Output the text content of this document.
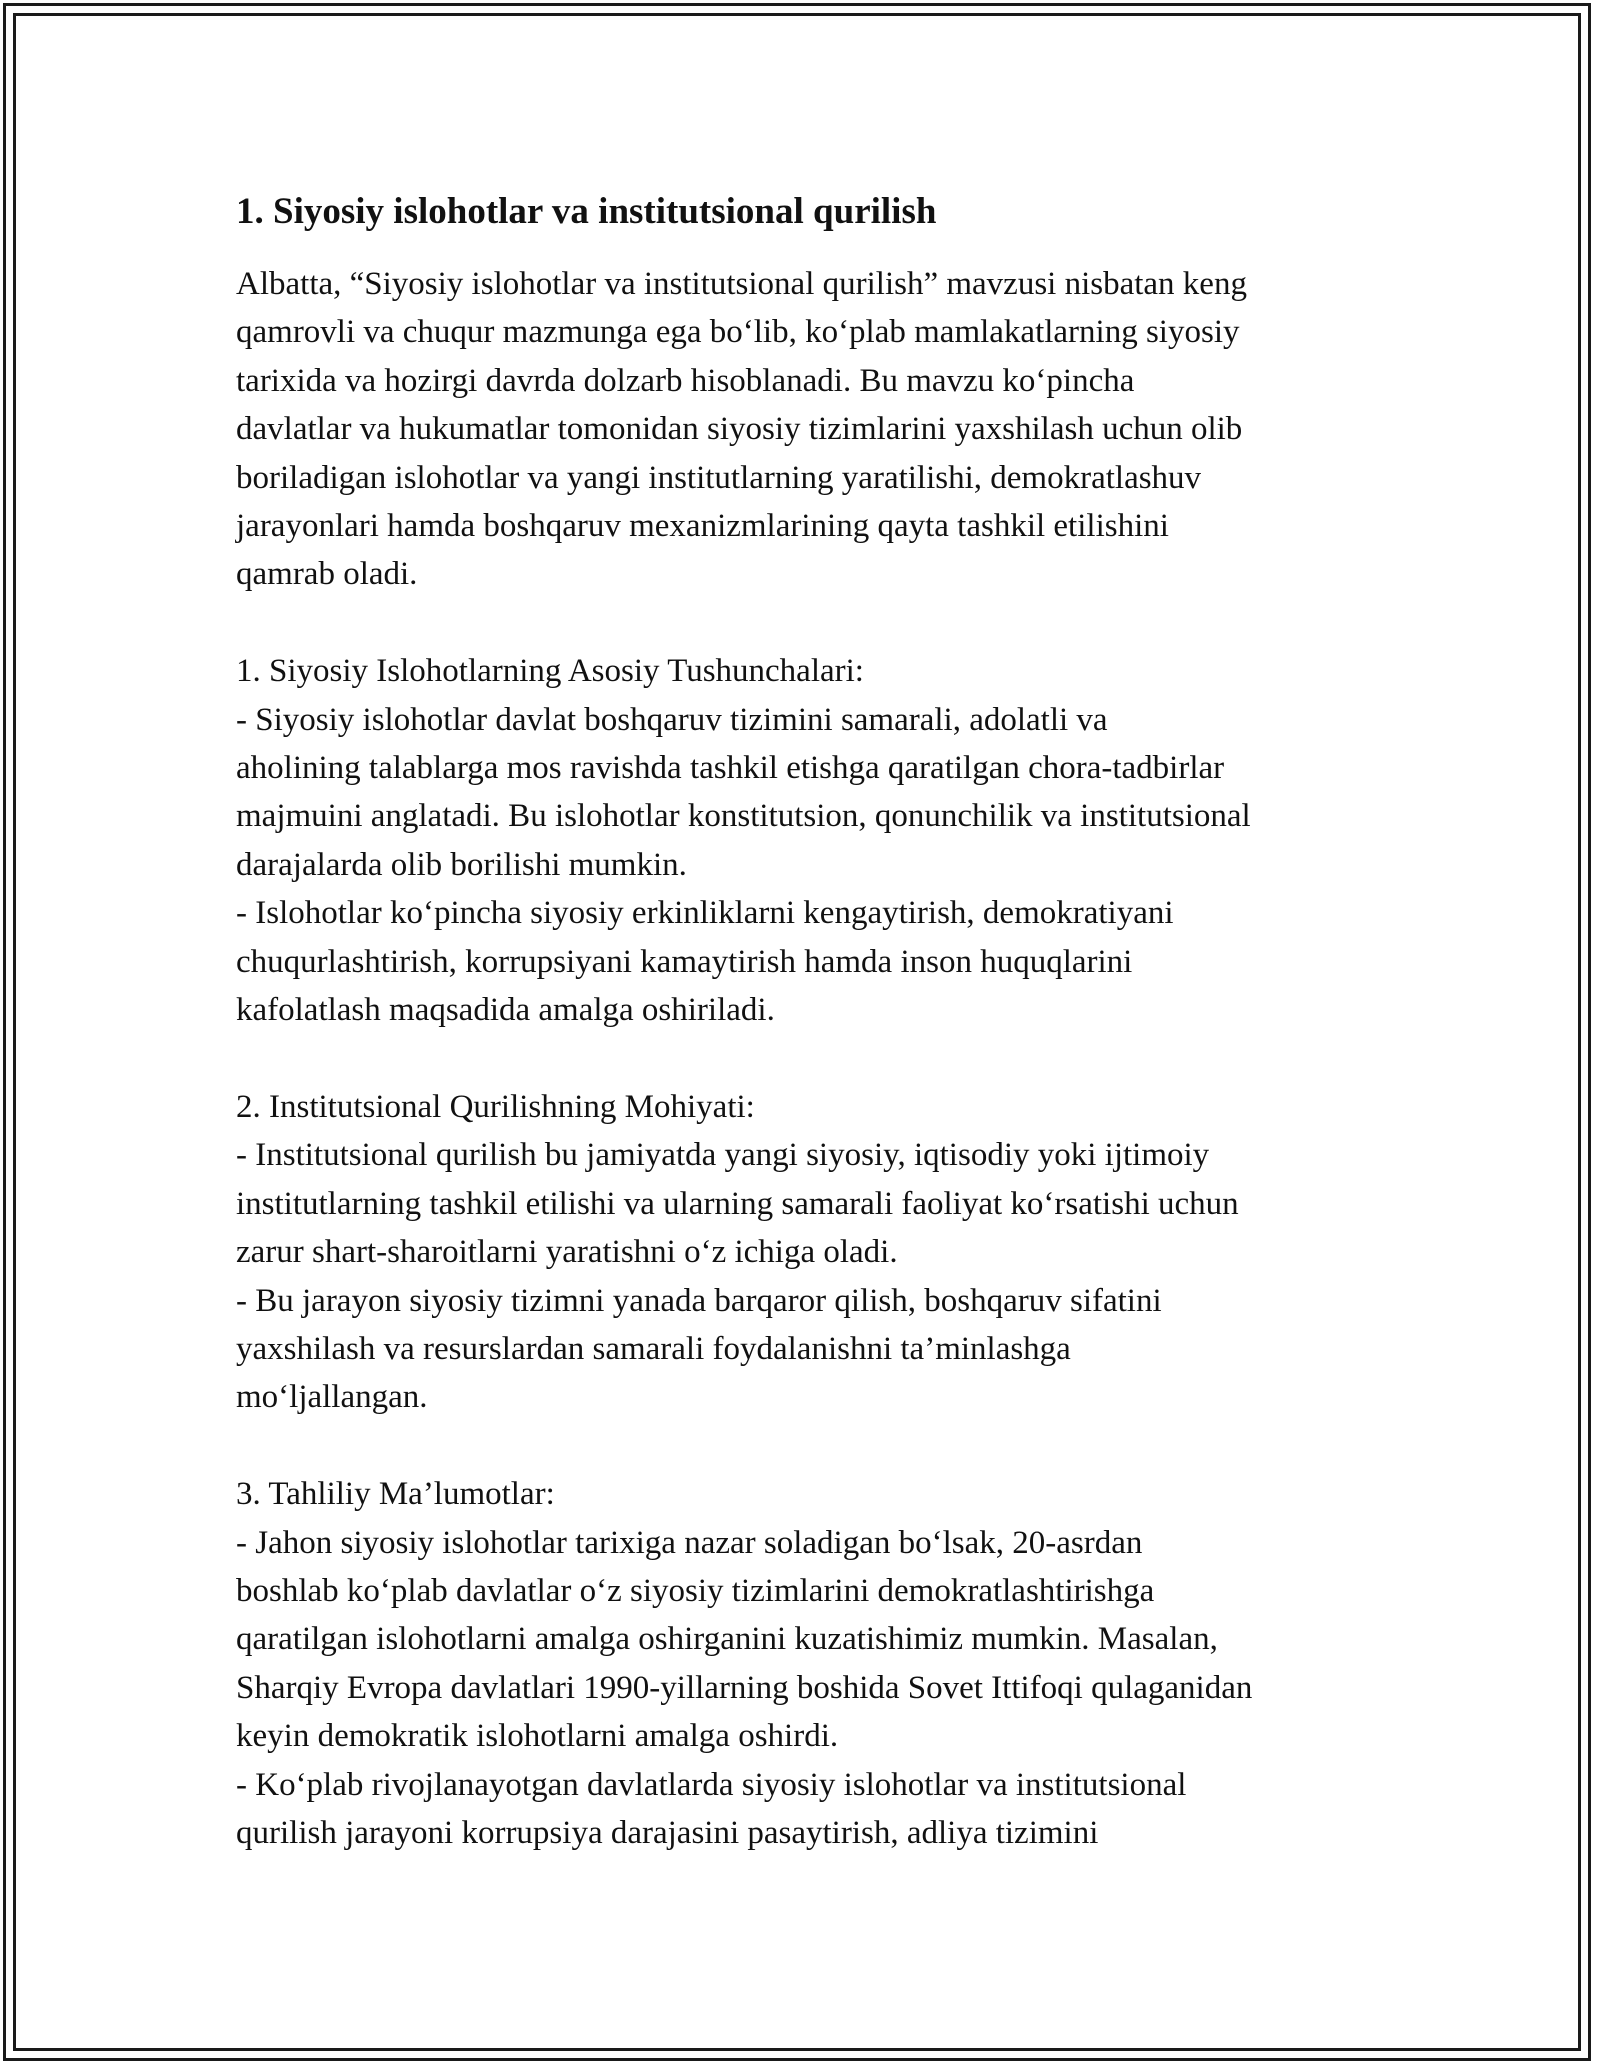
1. Siyosiy islohotlar va institutsional qurilish

Albatta, “Siyosiy islohotlar va institutsional qurilish” mavzusi nisbatan keng
qamrovli va chuqur mazmunga ega bo‘lib, ko‘plab mamlakatlarning siyosiy
tarixida va hozirgi davrda dolzarb hisoblanadi. Bu mavzu ko‘pincha
davlatlar va hukumatlar tomonidan siyosiy tizimlarini yaxshilash uchun olib
boriladigan islohotlar va yangi institutlarning yaratilishi, demokratlashuv
jarayonlari hamda boshqaruv mexanizmlarining qayta tashkil etilishini
qamrab oladi.

1. Siyosiy Islohotlarning Asosiy Tushunchalari:

- Siyosiy islohotlar davlat boshqaruv tizimini samarali, adolatli va
aholining talablarga mos ravishda tashkil etishga qaratilgan chora-tadbirlar
majmuini anglatadi. Bu islohotlar konstitutsion, qonunchilik va institutsional
darajalarda olib borilishi mumkin.

- Islohotlar ko‘pincha siyosiy erkinliklarni kengaytirish, demokratiyani
chuqurlashtirish, korrupsiyani kamaytirish hamda inson huquqlarini
kafolatlash maqsadida amalga oshiriladi.

2. Institutsional Qurilishning Mohiyati:

- Institutsional qurilish bu jamiyatda yangi siyosiy, iqtisodiy yoki ijtimoiy
institutlarning tashkil etilishi va ularning samarali faoliyat ko‘rsatishi uchun
zarur shart-sharoitlarni yaratishni o‘z ichiga oladi.

- Bu jarayon siyosiy tizimni yanada barqaror qilish, boshqaruv sifatini
yaxshilash va resurslardan samarali foydalanishni ta’minlashga
mo‘ljallangan.

3. Tahliliy Ma’lumotlar:

- Jahon siyosiy islohotlar tarixiga nazar soladigan bo‘lsak, 20-asrdan
boshlab ko‘plab davlatlar o‘z siyosiy tizimlarini demokratlashtirishga
qaratilgan islohotlarni amalga oshirganini kuzatishimiz mumkin. Masalan,
Sharqiy Evropa davlatlari 1990-yillarning boshida Sovet Ittifoqi qulaganidan
keyin demokratik islohotlarni amalga oshirdi.

- Ko‘plab rivojlanayotgan davlatlarda siyosiy islohotlar va institutsional
qurilish jarayoni korrupsiya darajasini pasaytirish, adliya tizimini
